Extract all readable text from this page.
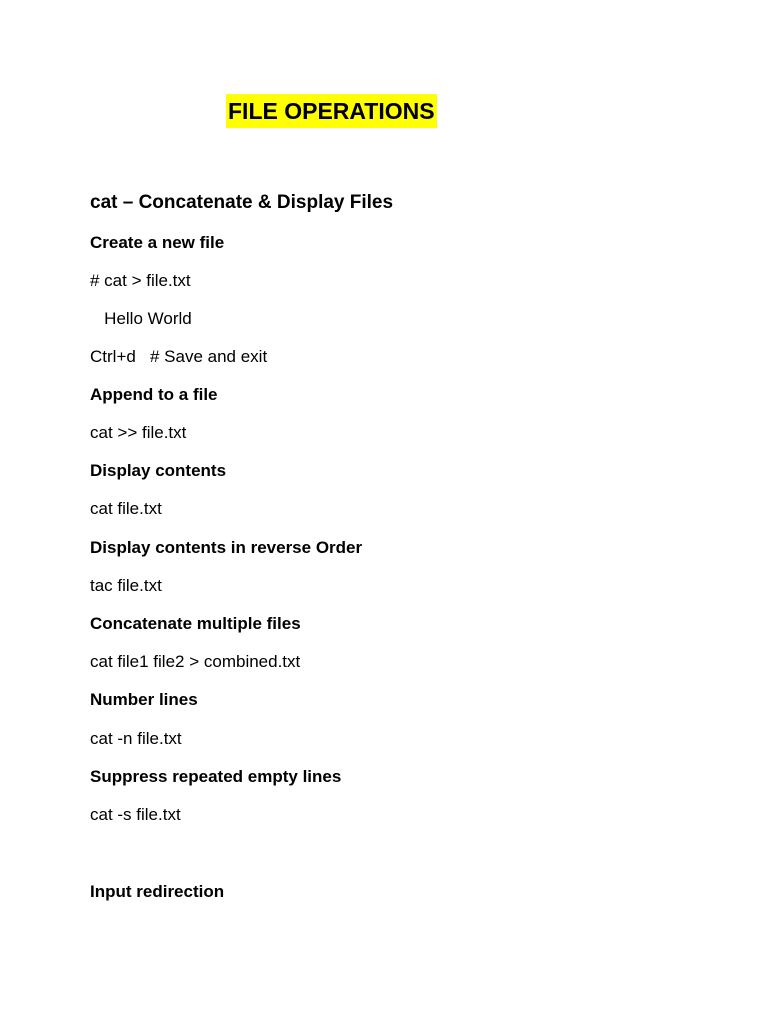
FILE OPERATIONS
cat – Concatenate & Display Files
Create a new file
# cat > file.txt
Hello World
Ctrl+d   # Save and exit
Append to a file
cat >> file.txt
Display contents
cat file.txt
Display contents in reverse Order
tac file.txt
Concatenate multiple files
cat file1 file2 > combined.txt
Number lines
cat -n file.txt
Suppress repeated empty lines
cat -s file.txt
Input redirection
